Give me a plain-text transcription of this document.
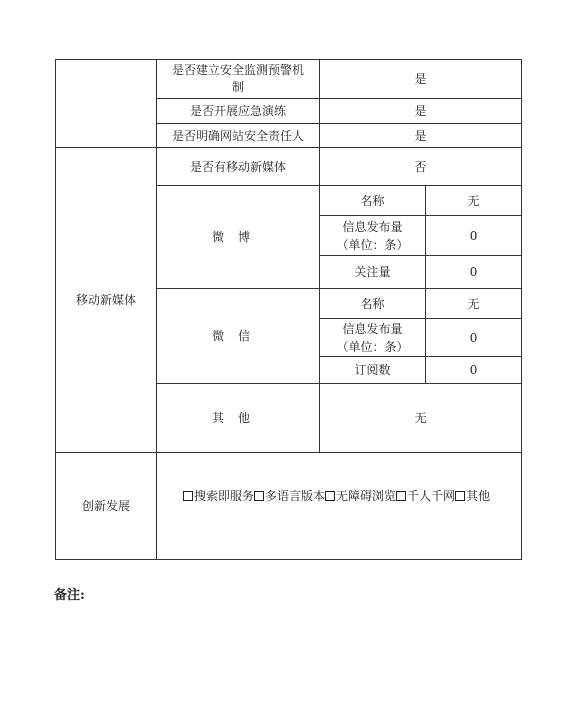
	是否建立安全监测预警机制	是	
	是否开展应急演练	是	
	是否明确网站安全责任人	是	
移动新媒体	是否有移动新媒体	否	
	微博	名称	无

		信息发布量
（单位：条）	0
		关注量	0
	微信	名称	无

		信息发布量
（单位：条）	0
		订阅数	0
	其他	无	
创新发展	搜索即服务 多语言版本 无障碍浏览 千人千网 其他		
备注:
